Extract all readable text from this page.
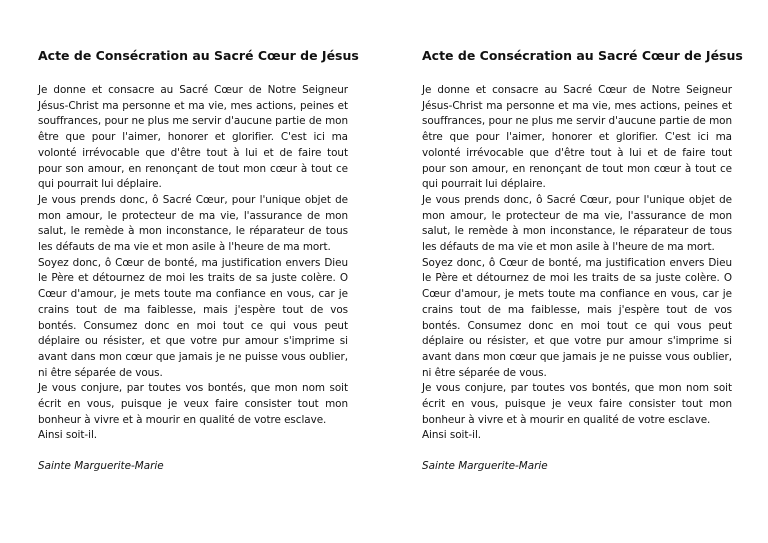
Acte de Consécration au Sacré Cœur de Jésus

Je donne et consacre au Sacré Cœur de Notre Seigneur Jésus-Christ ma personne et ma vie, mes actions, peines et souffrances, pour ne plus me servir d'aucune partie de mon être que pour l'aimer, honorer et glorifier. C'est ici ma volonté irrévocable que d'être tout à lui et de faire tout pour son amour, en renonçant de tout mon cœur à tout ce qui pourrait lui déplaire.

Je vous prends donc, ô Sacré Cœur, pour l'unique objet de mon amour, le protecteur de ma vie, l'assurance de mon salut, le remède à mon inconstance, le réparateur de tous les défauts de ma vie et mon asile à l'heure de ma mort.

Soyez donc, ô Cœur de bonté, ma justification envers Dieu le Père et détournez de moi les traits de sa juste colère. O Cœur d'amour, je mets toute ma confiance en vous, car je crains tout de ma faiblesse, mais j'espère tout de vos bontés. Consumez donc en moi tout ce qui vous peut déplaire ou résister, et que votre pur amour s'imprime si avant dans mon cœur que jamais je ne puisse vous oublier, ni être séparée de vous.

Je vous conjure, par toutes vos bontés, que mon nom soit écrit en vous, puisque je veux faire consister tout mon bonheur à vivre et à mourir en qualité de votre esclave.

Ainsi soit-il.

Sainte Marguerite-Marie
Acte de Consécration au Sacré Cœur de Jésus

Je donne et consacre au Sacré Cœur de Notre Seigneur Jésus-Christ ma personne et ma vie, mes actions, peines et souffrances, pour ne plus me servir d'aucune partie de mon être que pour l'aimer, honorer et glorifier. C'est ici ma volonté irrévocable que d'être tout à lui et de faire tout pour son amour, en renonçant de tout mon cœur à tout ce qui pourrait lui déplaire.

Je vous prends donc, ô Sacré Cœur, pour l'unique objet de mon amour, le protecteur de ma vie, l'assurance de mon salut, le remède à mon inconstance, le réparateur de tous les défauts de ma vie et mon asile à l'heure de ma mort.

Soyez donc, ô Cœur de bonté, ma justification envers Dieu le Père et détournez de moi les traits de sa juste colère. O Cœur d'amour, je mets toute ma confiance en vous, car je crains tout de ma faiblesse, mais j'espère tout de vos bontés. Consumez donc en moi tout ce qui vous peut déplaire ou résister, et que votre pur amour s'imprime si avant dans mon cœur que jamais je ne puisse vous oublier, ni être séparée de vous.

Je vous conjure, par toutes vos bontés, que mon nom soit écrit en vous, puisque je veux faire consister tout mon bonheur à vivre et à mourir en qualité de votre esclave.

Ainsi soit-il.

Sainte Marguerite-Marie
